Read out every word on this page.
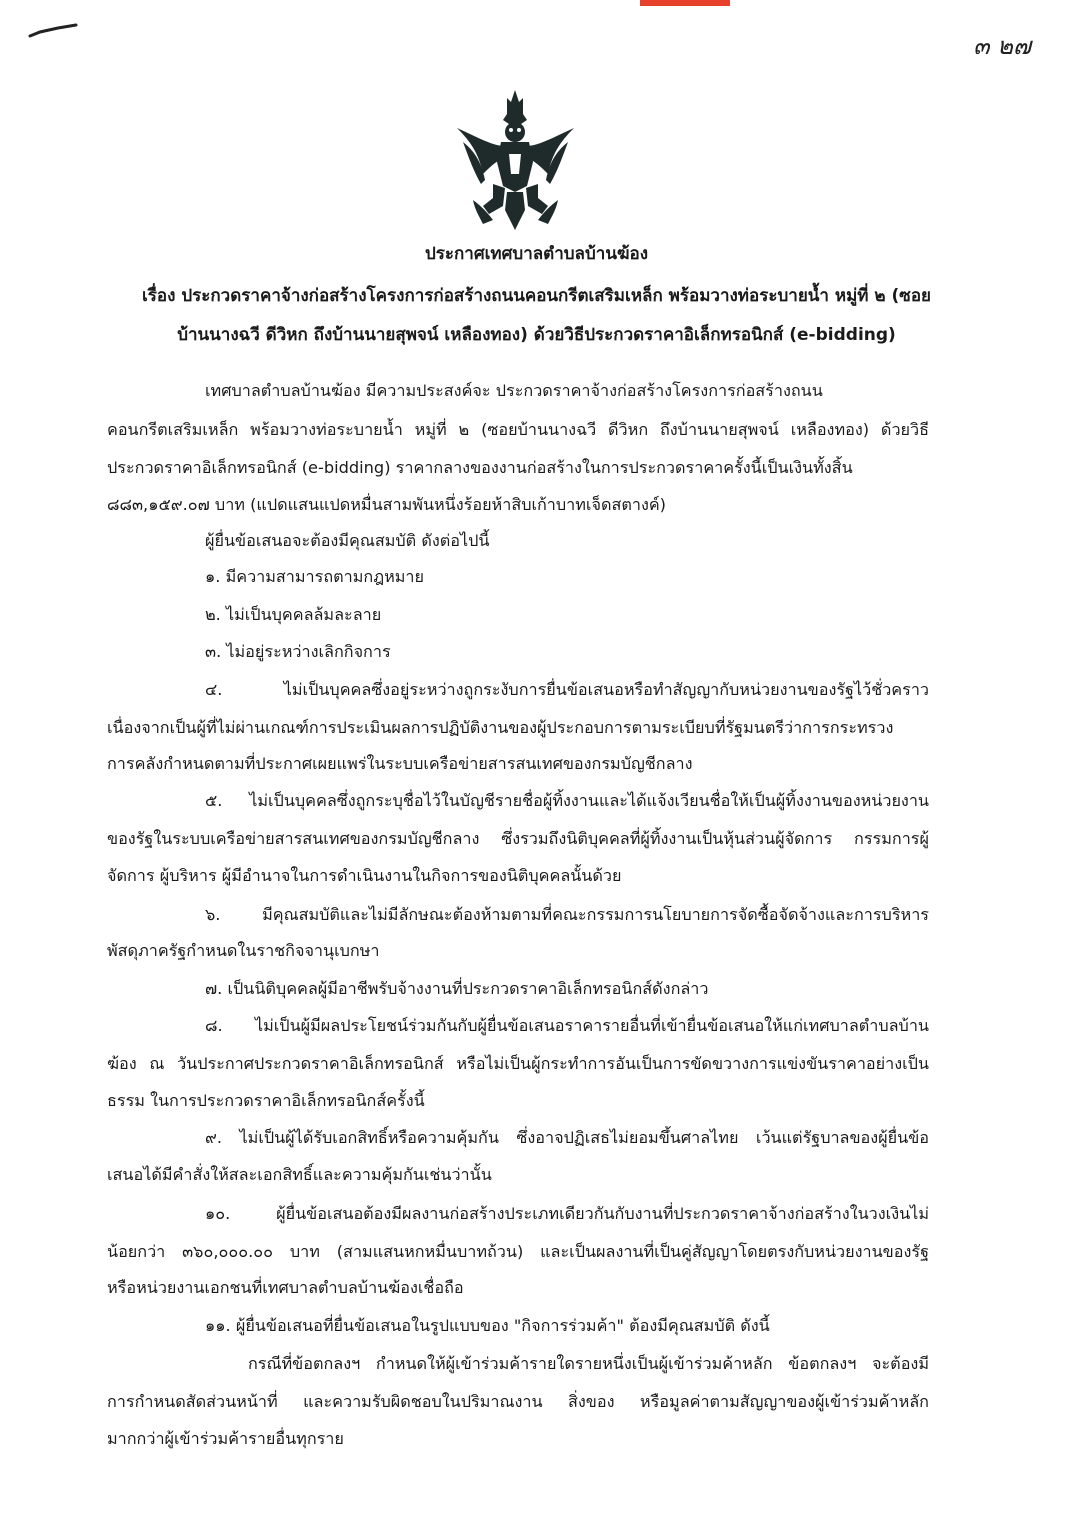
๓ ๒๗
ประกาศเทศบาลตำบลบ้านฆ้อง
เรื่อง ประกวดราคาจ้างก่อสร้างโครงการก่อสร้างถนนคอนกรีตเสริมเหล็ก พร้อมวางท่อระบายน้ำ หมู่ที่ ๒ (ซอย
บ้านนางฉวี ดีวิหก ถึงบ้านนายสุพจน์ เหลืองทอง) ด้วยวิธีประกวดราคาอิเล็กทรอนิกส์ (e-bidding)
เทศบาลตำบลบ้านฆ้อง มีความประสงค์จะ ประกวดราคาจ้างก่อสร้างโครงการก่อสร้างถนน
คอนกรีตเสริมเหล็ก พร้อมวางท่อระบายน้ำ หมู่ที่ ๒ (ซอยบ้านนางฉวี ดีวิหก ถึงบ้านนายสุพจน์ เหลืองทอง) ด้วยวิธี
ประกวดราคาอิเล็กทรอนิกส์ (e-bidding) ราคากลางของงานก่อสร้างในการประกวดราคาครั้งนี้เป็นเงินทั้งสิ้น
๘๘๓,๑๕๙.๐๗ บาท (แปดแสนแปดหมื่นสามพันหนึ่งร้อยห้าสิบเก้าบาทเจ็ดสตางค์)
ผู้ยื่นข้อเสนอจะต้องมีคุณสมบัติ ดังต่อไปนี้
๑. มีความสามารถตามกฎหมาย
๒. ไม่เป็นบุคคลล้มละลาย
๓. ไม่อยู่ระหว่างเลิกกิจการ
๔. ไม่เป็นบุคคลซึ่งอยู่ระหว่างถูกระงับการยื่นข้อเสนอหรือทำสัญญากับหน่วยงานของรัฐไว้ชั่วคราว
เนื่องจากเป็นผู้ที่ไม่ผ่านเกณฑ์การประเมินผลการปฏิบัติงานของผู้ประกอบการตามระเบียบที่รัฐมนตรีว่าการกระทรวง
การคลังกำหนดตามที่ประกาศเผยแพร่ในระบบเครือข่ายสารสนเทศของกรมบัญชีกลาง
๕. ไม่เป็นบุคคลซึ่งถูกระบุชื่อไว้ในบัญชีรายชื่อผู้ทิ้งงานและได้แจ้งเวียนชื่อให้เป็นผู้ทิ้งงานของหน่วยงาน
ของรัฐในระบบเครือข่ายสารสนเทศของกรมบัญชีกลาง ซึ่งรวมถึงนิติบุคคลที่ผู้ทิ้งงานเป็นหุ้นส่วนผู้จัดการ กรรมการผู้
จัดการ ผู้บริหาร ผู้มีอำนาจในการดำเนินงานในกิจการของนิติบุคคลนั้นด้วย
๖. มีคุณสมบัติและไม่มีลักษณะต้องห้ามตามที่คณะกรรมการนโยบายการจัดซื้อจัดจ้างและการบริหาร
พัสดุภาครัฐกำหนดในราชกิจจานุเบกษา
๗. เป็นนิติบุคคลผู้มีอาชีพรับจ้างงานที่ประกวดราคาอิเล็กทรอนิกส์ดังกล่าว
๘. ไม่เป็นผู้มีผลประโยชน์ร่วมกันกับผู้ยื่นข้อเสนอราคารายอื่นที่เข้ายื่นข้อเสนอให้แก่เทศบาลตำบลบ้าน
ฆ้อง ณ วันประกาศประกวดราคาอิเล็กทรอนิกส์ หรือไม่เป็นผู้กระทำการอันเป็นการขัดขวางการแข่งขันราคาอย่างเป็น
ธรรม ในการประกวดราคาอิเล็กทรอนิกส์ครั้งนี้
๙. ไม่เป็นผู้ได้รับเอกสิทธิ์หรือความคุ้มกัน ซึ่งอาจปฏิเสธไม่ยอมขึ้นศาลไทย เว้นแต่รัฐบาลของผู้ยื่นข้อ
เสนอได้มีคำสั่งให้สละเอกสิทธิ์และความคุ้มกันเช่นว่านั้น
๑๐. ผู้ยื่นข้อเสนอต้องมีผลงานก่อสร้างประเภทเดียวกันกับงานที่ประกวดราคาจ้างก่อสร้างในวงเงินไม่
น้อยกว่า ๓๖๐,๐๐๐.๐๐ บาท (สามแสนหกหมื่นบาทถ้วน) และเป็นผลงานที่เป็นคู่สัญญาโดยตรงกับหน่วยงานของรัฐ
หรือหน่วยงานเอกชนที่เทศบาลตำบลบ้านฆ้องเชื่อถือ
๑๑. ผู้ยื่นข้อเสนอที่ยื่นข้อเสนอในรูปแบบของ "กิจการร่วมค้า" ต้องมีคุณสมบัติ ดังนี้
กรณีที่ข้อตกลงฯ กำหนดให้ผู้เข้าร่วมค้ารายใดรายหนึ่งเป็นผู้เข้าร่วมค้าหลัก ข้อตกลงฯ จะต้องมี
การกำหนดสัดส่วนหน้าที่ และความรับผิดชอบในปริมาณงาน สิ่งของ หรือมูลค่าตามสัญญาของผู้เข้าร่วมค้าหลัก
มากกว่าผู้เข้าร่วมค้ารายอื่นทุกราย
